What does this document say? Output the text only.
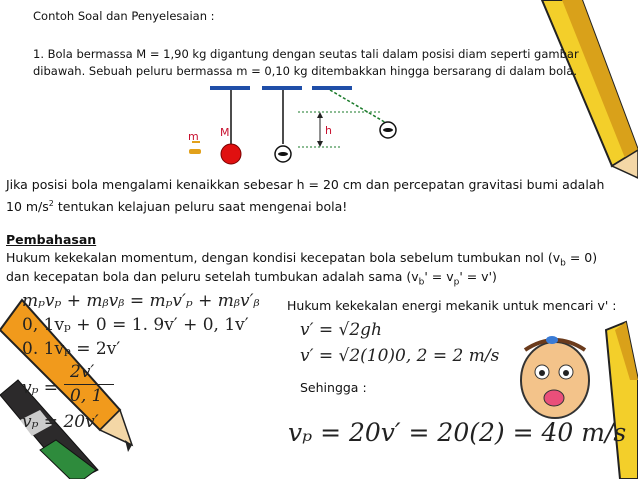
Contoh Soal dan Penyelesaian :
1. Bola bermassa M = 1,90 kg digantung dengan seutas tali dalam posisi diam seperti gambar
dibawah. Sebuah peluru bermassa m = 0,10 kg ditembakkan hingga bersarang di dalam bola.
h
m M
Jika posisi bola mengalami kenaikkan sebesar h = 20 cm dan percepatan gravitasi bumi adalah
10 $m/s^2$ tentukan kelajuan peluru saat mengenai bola!
Pembahasan
Hukum kekekalan momentum, dengan kondisi kecepatan bola sebelum tumbukan nol $(v_b = 0)$
dan kecepatan bola dan peluru setelah tumbukan adalah sama $(v_b' = v_p' = v')$
mₚvₚ + mᵦvᵦ = mₚv′ₚ + mᵦv′ᵦ
0, 1vₚ + 0 = 1. 9v′ + 0, 1v′
0. 1vₚ = 2v′
vₚ =
2v′
0, 1
vₚ = 20v′
Hukum kekekalan energi mekanik untuk mencari v' :
v′ = √2gh
v′ = √2(10)0, 2 = 2 m/s
Sehingga :
vₚ = 20v′ = 20(2) = 40 m/s
